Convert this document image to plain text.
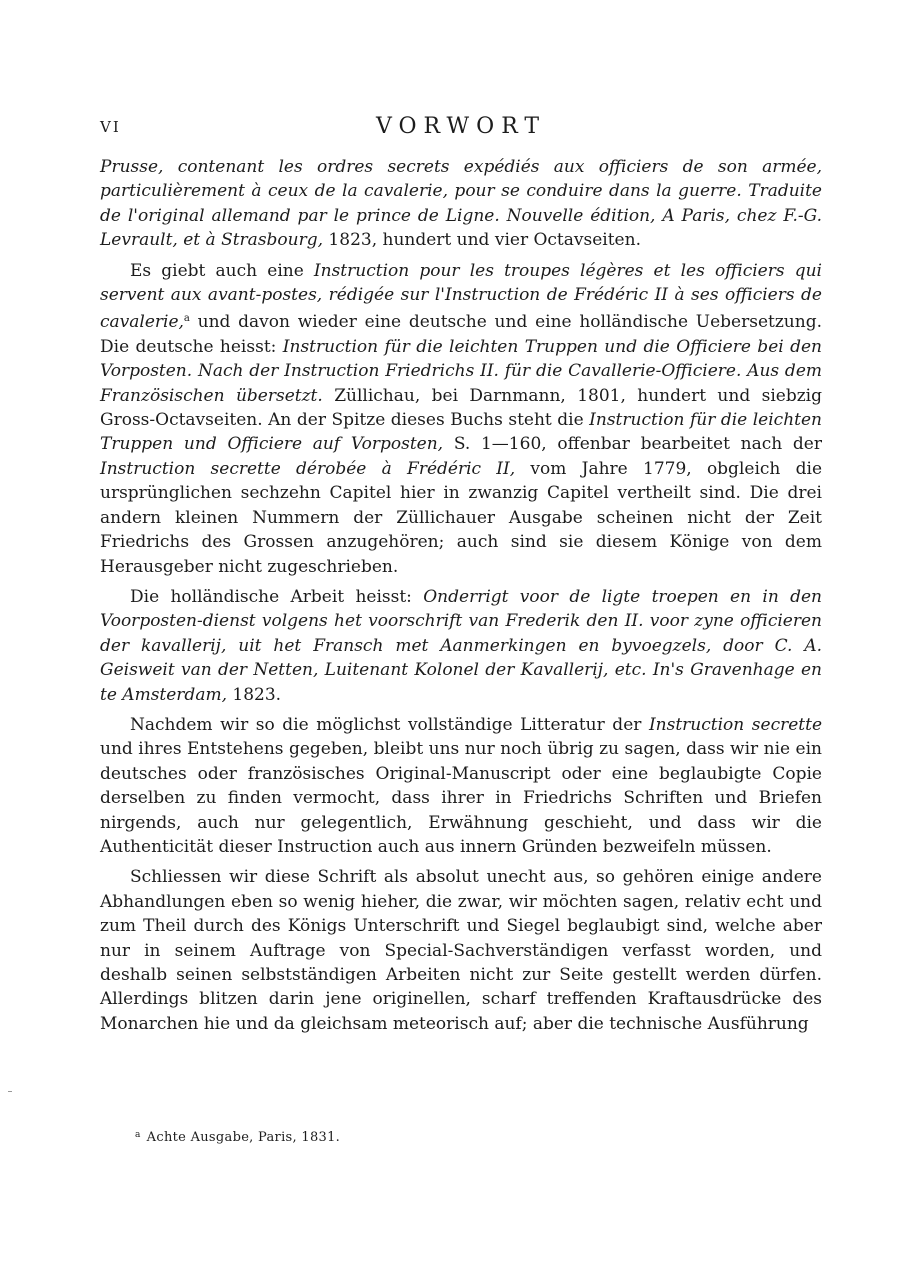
VI	VORWORT

Prusse, contenant les ordres secrets expédiés aux officiers de son armée, particulièrement à ceux de la cavalerie, pour se conduire dans la guerre. Traduite de l'original allemand par le prince de Ligne. Nouvelle édition, A Paris, chez F.-G. Levrault, et à Strasbourg, 1823, hundert und vier Octavseiten.

Es giebt auch eine Instruction pour les troupes légères et les officiers qui servent aux avant-postes, rédigée sur l'Instruction de Frédéric II à ses officiers de cavalerie,$^a$ und davon wieder eine deutsche und eine holländische Uebersetzung. Die deutsche heisst: Instruction für die leichten Truppen und die Officiere bei den Vorposten. Nach der Instruction Friedrichs II. für die Cavallerie-Officiere. Aus dem Französischen übersetzt. Züllichau, bei Darnmann, 1801, hundert und siebzig Gross-Octavseiten. An der Spitze dieses Buchs steht die Instruction für die leichten Truppen und Officiere auf Vorposten, S. 1—160, offenbar bearbeitet nach der Instruction secrette dérobée à Frédéric II, vom Jahre 1779, obgleich die ursprünglichen sechzehn Capitel hier in zwanzig Capitel vertheilt sind. Die drei andern kleinen Nummern der Züllichauer Ausgabe scheinen nicht der Zeit Friedrichs des Grossen anzugehören; auch sind sie diesem Könige von dem Herausgeber nicht zugeschrieben.

Die holländische Arbeit heisst: Onderrigt voor de ligte troepen en in den Voorposten-dienst volgens het voorschrift van Frederik den II. voor zyne officieren der kavallerij, uit het Fransch met Aanmerkingen en byvoegzels, door C. A. Geisweit van der Netten, Luitenant Kolonel der Kavallerij, etc. In's Gravenhage en te Amsterdam, 1823.

Nachdem wir so die möglichst vollständige Litteratur der Instruction secrette und ihres Entstehens gegeben, bleibt uns nur noch übrig zu sagen, dass wir nie ein deutsches oder französisches Original-Manuscript oder eine beglaubigte Copie derselben zu finden vermocht, dass ihrer in Friedrichs Schriften und Briefen nirgends, auch nur gelegentlich, Erwähnung geschieht, und dass wir die Authenticität dieser Instruction auch aus innern Gründen bezweifeln müssen.

Schliessen wir diese Schrift als absolut unecht aus, so gehören einige andere Abhandlungen eben so wenig hieher, die zwar, wir möchten sagen, relativ echt und zum Theil durch des Königs Unterschrift und Siegel beglaubigt sind, welche aber nur in seinem Auftrage von Special-Sachverständigen verfasst worden, und deshalb seinen selbstständigen Arbeiten nicht zur Seite gestellt werden dürfen. Allerdings blitzen darin jene originellen, scharf treffenden Kraftausdrücke des Monarchen hie und da gleichsam meteorisch auf; aber die technische Ausführung

$^a$ Achte Ausgabe, Paris, 1831.
